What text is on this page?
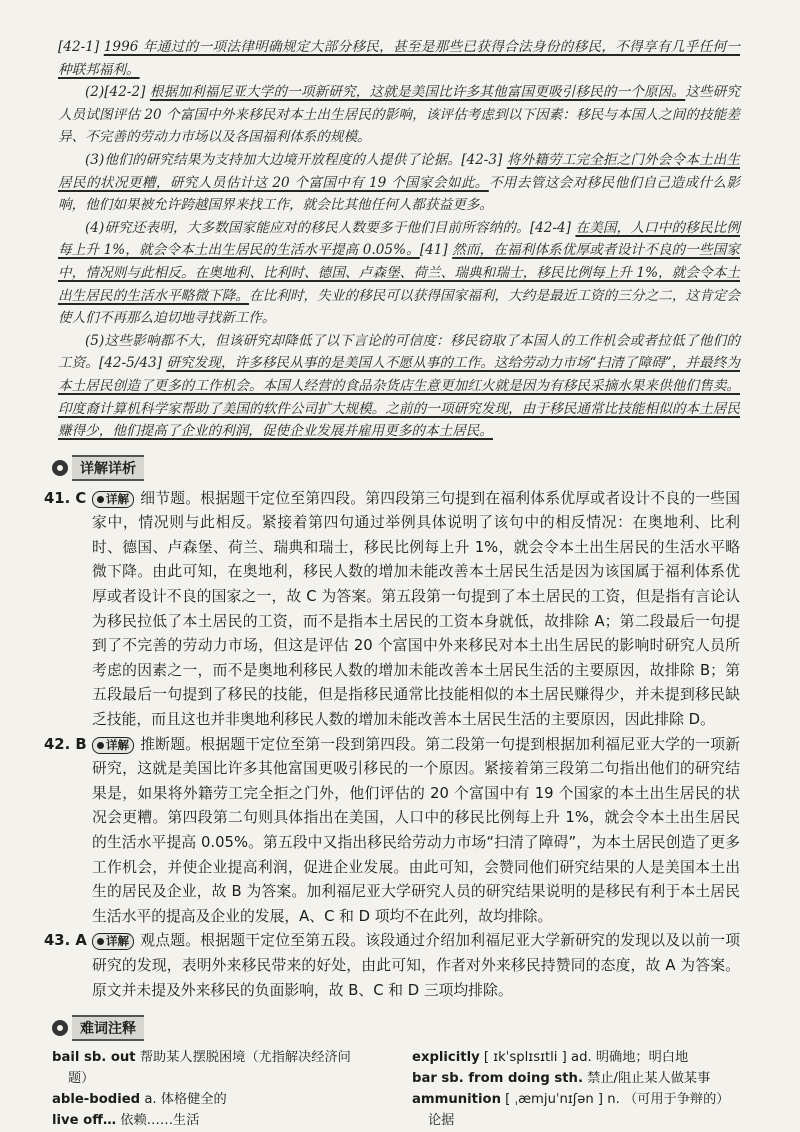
[42-1] 1996 年通过的一项法律明确规定大部分移民，甚至是那些已获得合法身份的移民，不得享有几乎任何一种联邦福利。

(2)[42-2] 根据加利福尼亚大学的一项新研究，这就是美国比许多其他富国更吸引移民的一个原因。这些研究人员试图评估 20 个富国中外来移民对本土出生居民的影响，该评估考虑到以下因素：移民与本国人之间的技能差异、不完善的劳动力市场以及各国福利体系的规模。

(3)他们的研究结果为支持加大边境开放程度的人提供了论据。[42-3] 将外籍劳工完全拒之门外会令本土出生居民的状况更糟，研究人员估计这 20 个富国中有 19 个国家会如此。不用去管这会对移民他们自己造成什么影响，他们如果被允许跨越国界来找工作，就会比其他任何人都获益更多。

(4)研究还表明，大多数国家能应对的移民人数要多于他们目前所容纳的。[42-4] 在美国，人口中的移民比例每上升 1%，就会令本土出生居民的生活水平提高 0.05%。[41] 然而，在福利体系优厚或者设计不良的一些国家中，情况则与此相反。在奥地利、比利时、德国、卢森堡、荷兰、瑞典和瑞士，移民比例每上升 1%，就会令本土出生居民的生活水平略微下降。在比利时，失业的移民可以获得国家福利，大约是最近工资的三分之二，这肯定会使人们不再那么迫切地寻找新工作。

(5)这些影响都不大，但该研究却降低了以下言论的可信度：移民窃取了本国人的工作机会或者拉低了他们的工资。[42-5/43] 研究发现，许多移民从事的是美国人不愿从事的工作。这给劳动力市场“扫清了障碍”，并最终为本土居民创造了更多的工作机会。本国人经营的食品杂货店生意更加红火就是因为有移民采摘水果来供他们售卖。印度裔计算机科学家帮助了美国的软件公司扩大规模。之前的一项研究发现，由于移民通常比技能相似的本土居民赚得少，他们提高了企业的利润，促使企业发展并雇用更多的本土居民。

详解详析
41. C	详解 细节题。根据题干定位至第四段。第四段第三句提到在福利体系优厚或者设计不良的一些国家中，情况则与此相反。紧接着第四句通过举例具体说明了该句中的相反情况：在奥地利、比利时、德国、卢森堡、荷兰、瑞典和瑞士，移民比例每上升 1%，就会令本土出生居民的生活水平略微下降。由此可知，在奥地利，移民人数的增加未能改善本土居民生活是因为该国属于福利体系优厚或者设计不良的国家之一，故 C 为答案。第五段第一句提到了本土居民的工资，但是指有言论认为移民拉低了本土居民的工资，而不是指本土居民的工资本身就低，故排除 A；第二段最后一句提到了不完善的劳动力市场，但这是评估 20 个富国中外来移民对本土出生居民的影响时研究人员所考虑的因素之一，而不是奥地利移民人数的增加未能改善本土居民生活的主要原因，故排除 B；第五段最后一句提到了移民的技能，但是指移民通常比技能相似的本土居民赚得少，并未提到移民缺乏技能，而且这也并非奥地利移民人数的增加未能改善本土居民生活的主要原因，因此排除 D。
42. B	详解 推断题。根据题干定位至第一段到第四段。第二段第一句提到根据加利福尼亚大学的一项新研究，这就是美国比许多其他富国更吸引移民的一个原因。紧接着第三段第二句指出他们的研究结果是，如果将外籍劳工完全拒之门外，他们评估的 20 个富国中有 19 个国家的本土出生居民的状况会更糟。第四段第二句则具体指出在美国，人口中的移民比例每上升 1%，就会令本土出生居民的生活水平提高 0.05%。第五段中又指出移民给劳动力市场“扫清了障碍”，为本土居民创造了更多工作机会，并使企业提高利润，促进企业发展。由此可知，会赞同他们研究结果的人是美国本土出生的居民及企业，故 B 为答案。加利福尼亚大学研究人员的研究结果说明的是移民有利于本土居民生活水平的提高及企业的发展，A、C 和 D 项均不在此列，故均排除。
43. A	详解 观点题。根据题干定位至第五段。该段通过介绍加利福尼亚大学新研究的发现以及以前一项研究的发现，表明外来移民带来的好处，由此可知，作者对外来移民持赞同的态度，故 A 为答案。原文并未提及外来移民的负面影响，故 B、C 和 D 三项均排除。
难词注释
bail sb. out 帮助某人摆脱困境（尤指解决经济问
题）
able-bodied a. 体格健全的
live off… 依赖……生活
explicitly [ ɪkˈsplɪsɪtli ] ad. 明确地；明白地
bar sb. from doing sth. 禁止/阻止某人做某事
ammunition [ ˌæmjuˈnɪʃən ] n. （可用于争辩的）
论据
